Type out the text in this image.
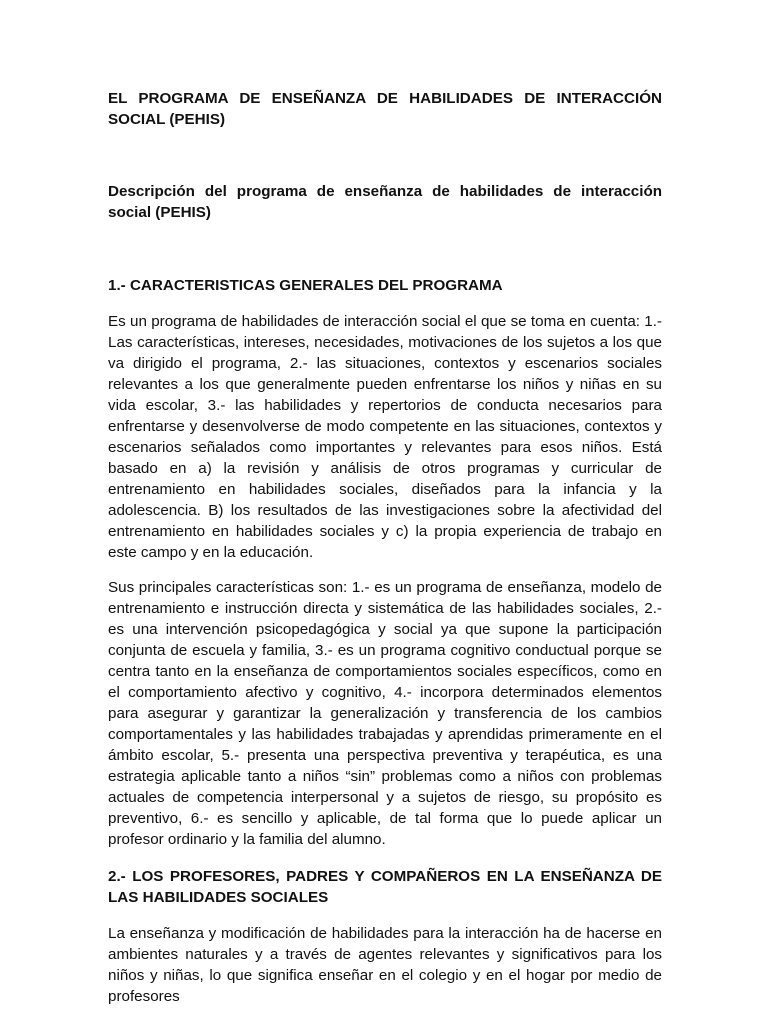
EL PROGRAMA DE ENSEÑANZA DE HABILIDADES DE INTERACCIÓN SOCIAL (PEHIS)
Descripción del programa de enseñanza de habilidades de interacción social (PEHIS)
1.- CARACTERISTICAS GENERALES DEL PROGRAMA

Es un programa de habilidades de interacción social el que se toma en cuenta: 1.- Las características, intereses, necesidades, motivaciones de los sujetos a los que va dirigido el programa, 2.- las situaciones, contextos y escenarios sociales relevantes a los que generalmente pueden enfrentarse los niños y niñas en su vida escolar, 3.- las habilidades y repertorios de conducta necesarios para enfrentarse y desenvolverse de modo competente en las situaciones, contextos y escenarios señalados como importantes y relevantes para esos niños. Está basado en a) la revisión y análisis de otros programas y curricular de entrenamiento en habilidades sociales, diseñados para la infancia y la adolescencia. B) los resultados de las investigaciones sobre la afectividad del entrenamiento en habilidades sociales y c) la propia experiencia de trabajo en este campo y en la educación.

Sus principales características son: 1.- es un programa de enseñanza, modelo de entrenamiento e instrucción directa y sistemática de las habilidades sociales, 2.- es una intervención psicopedagógica y social ya que supone la participación conjunta de escuela y familia, 3.- es un programa cognitivo conductual porque se centra tanto en la enseñanza de comportamientos sociales específicos, como en el comportamiento afectivo y cognitivo, 4.- incorpora determinados elementos para asegurar y garantizar la generalización y transferencia de los cambios comportamentales y las habilidades trabajadas y aprendidas primeramente en el ámbito escolar, 5.- presenta una perspectiva preventiva y terapéutica, es una estrategia aplicable tanto a niños “sin” problemas como a niños con problemas actuales de competencia interpersonal y a sujetos de riesgo, su propósito es preventivo, 6.- es sencillo y aplicable, de tal forma que lo puede aplicar un profesor ordinario y la familia del alumno.

2.- LOS PROFESORES, PADRES Y COMPAÑEROS EN LA ENSEÑANZA DE LAS HABILIDADES SOCIALES

La enseñanza y modificación de habilidades para la interacción ha de hacerse en ambientes naturales y a través de agentes relevantes y significativos para los niños y niñas, lo que significa enseñar en el colegio y en el hogar por medio de profesores
